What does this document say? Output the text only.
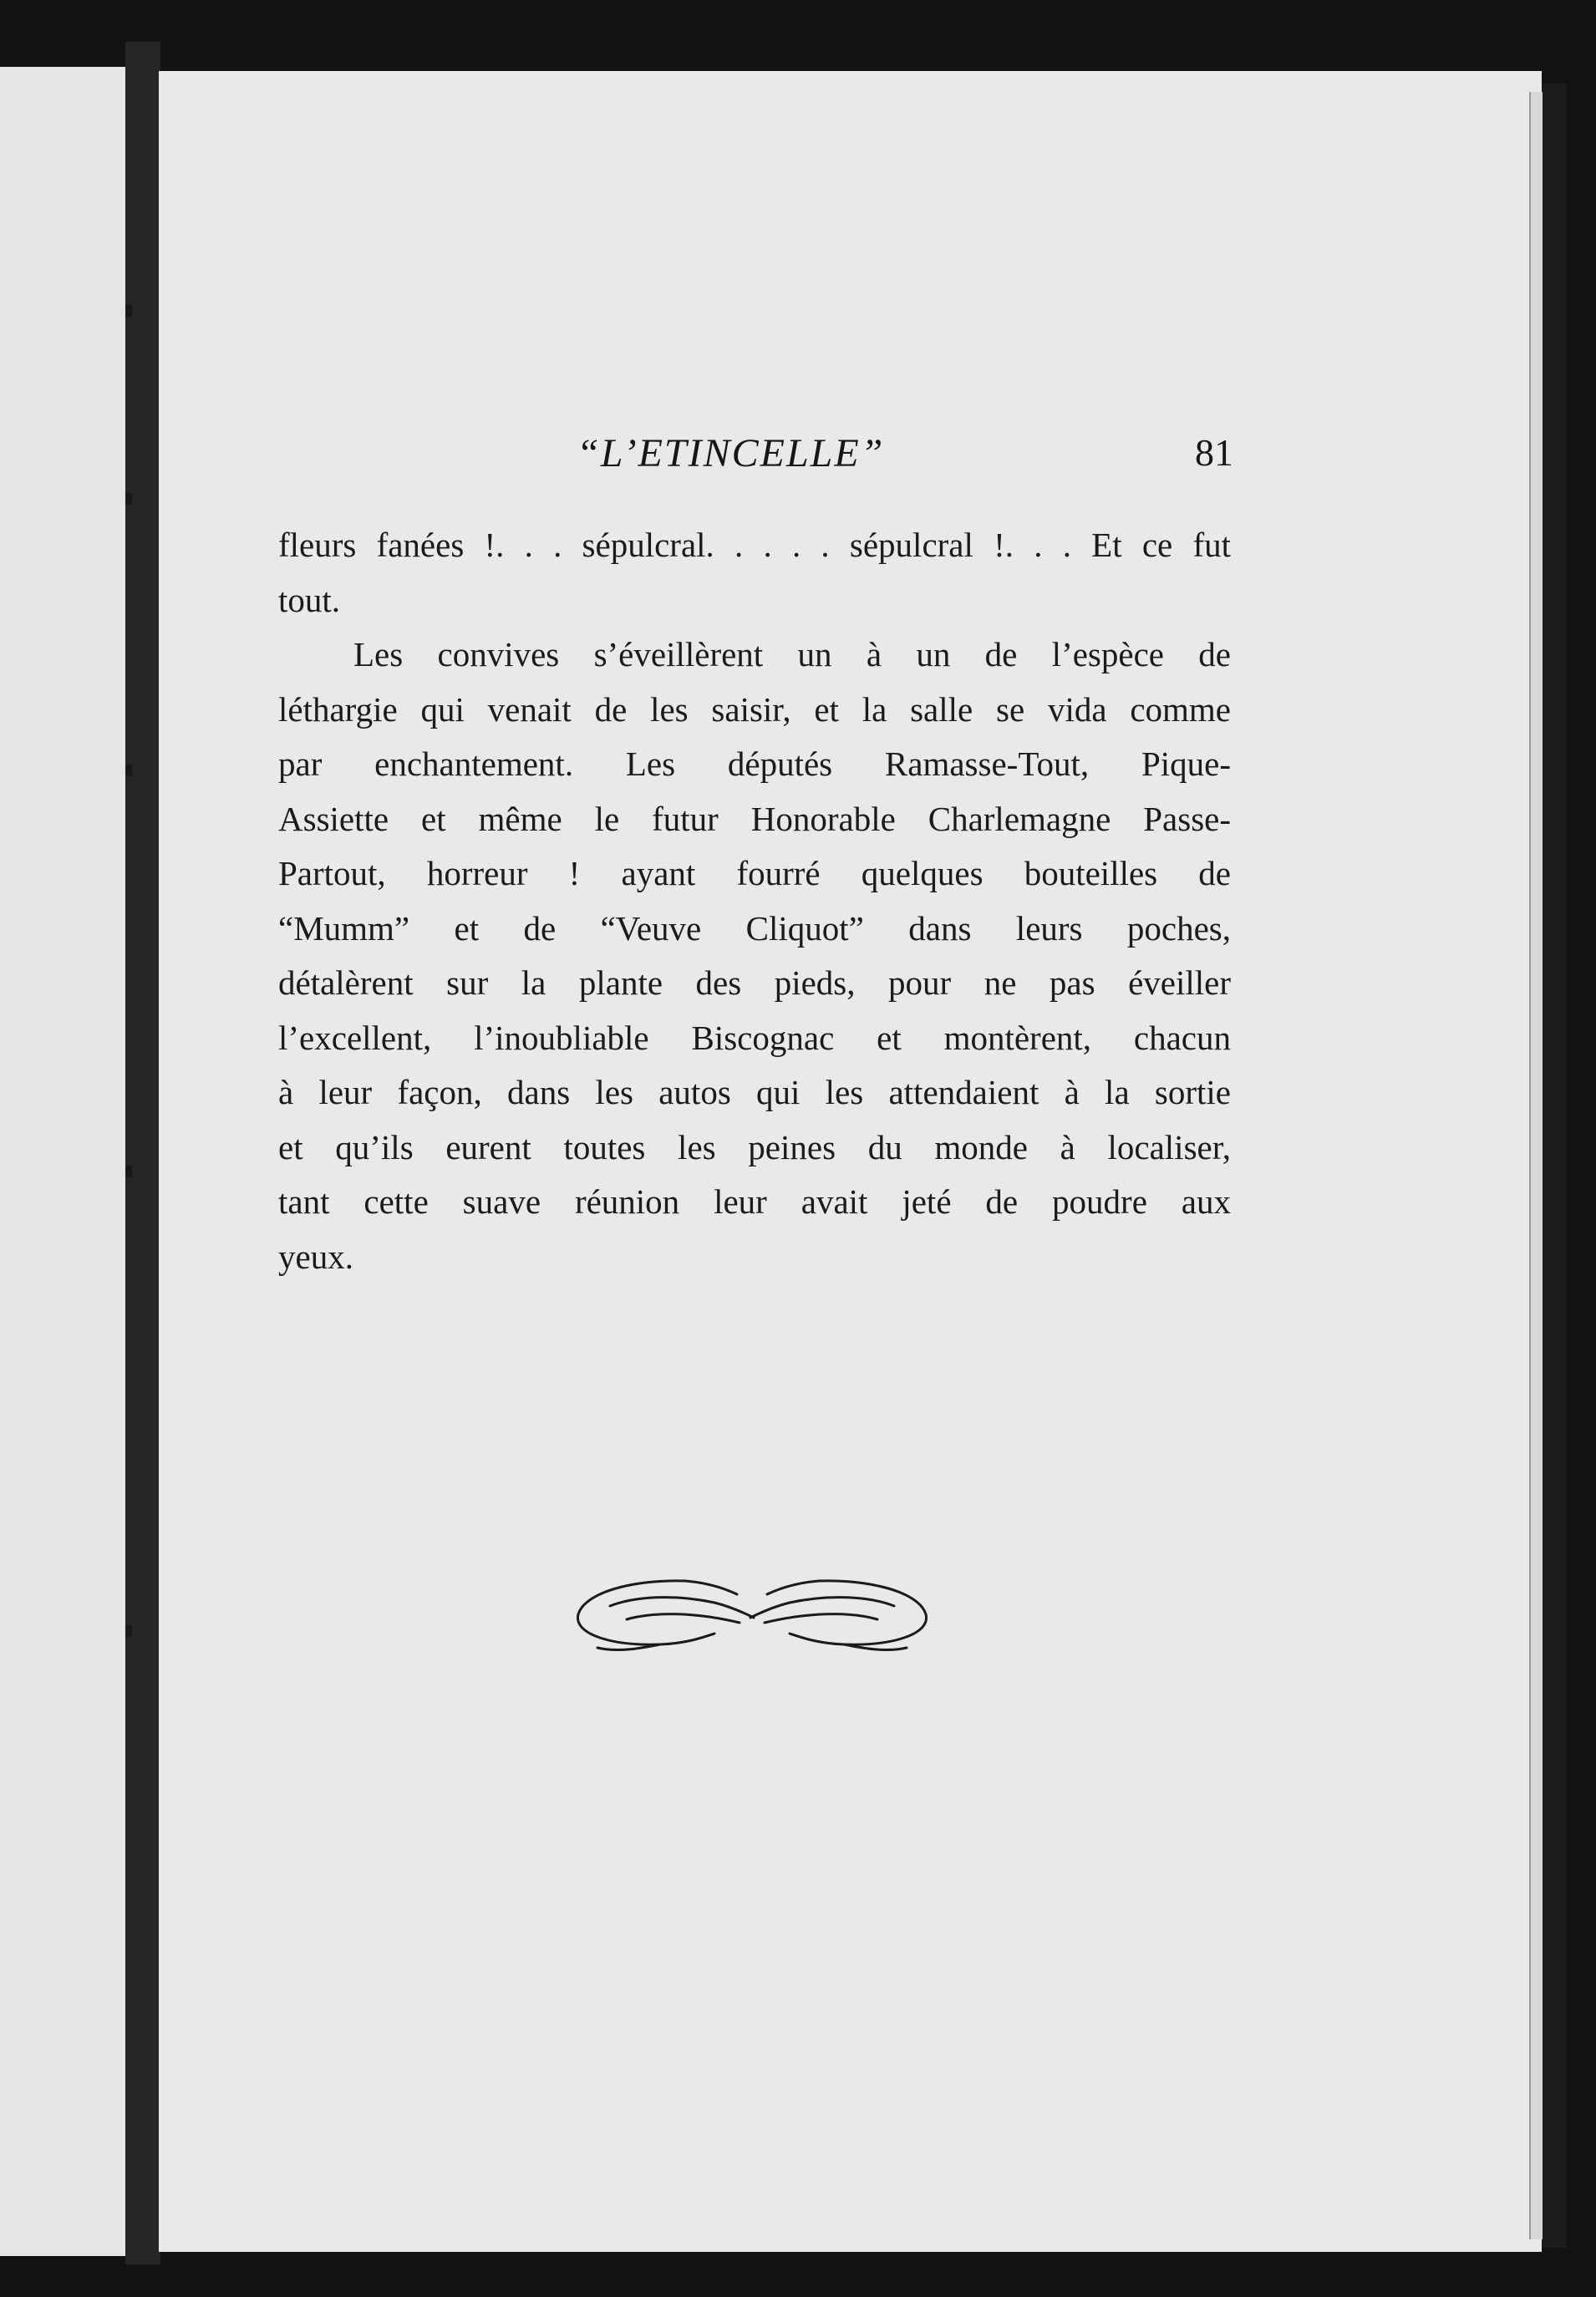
“L’ETINCELLE”	81
fleurs fanées !. . . sépulcral. . . . . sépulcral !. . . Et ce fut
tout.
Les convives s’éveillèrent un à un de l’espèce de
léthargie qui venait de les saisir, et la salle se vida comme
par enchantement. Les députés Ramasse-Tout, Pique-
Assiette et même le futur Honorable Charlemagne Passe-
Partout, horreur ! ayant fourré quelques bouteilles de
“Mumm” et de “Veuve Cliquot” dans leurs poches,
détalèrent sur la plante des pieds, pour ne pas éveiller
l’excellent, l’inoubliable Biscognac et montèrent, chacun
à leur façon, dans les autos qui les attendaient à la sortie
et qu’ils eurent toutes les peines du monde à localiser,
tant cette suave réunion leur avait jeté de poudre aux
yeux.
